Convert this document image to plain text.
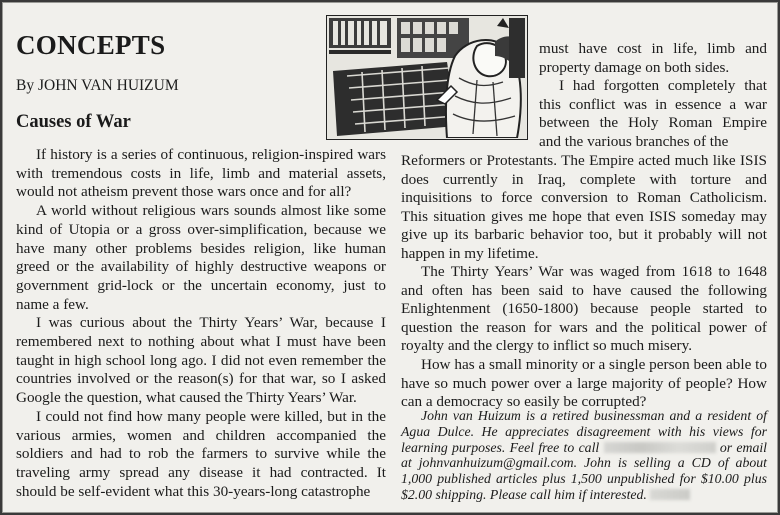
CONCEPTS
By JOHN VAN HUIZUM
Causes of War

If history is a series of continuous, religion-inspired wars with tremendous costs in life, limb and material assets, would not atheism prevent those wars once and for all?

A world without religious wars sounds almost like some kind of Utopia or a gross over-simplification, because we have many other problems besides religion, like human greed or the availability of highly destructive weapons or government grid-lock or the uncertain economy, just to name a few.

I was curious about the Thirty Years’ War, because I remembered next to nothing about what I must have been taught in high school long ago. I did not even remember the countries involved or the reason(s) for that war, so I asked Google the question, what caused the Thirty Years’ War.

I could not find how many people were killed, but in the various armies, women and children accompanied the soldiers and had to rob the farmers to survive while the traveling army spread any disease it had contracted. It should be self-evident what this 30-years-long catastrophe

must have cost in life, limb and property damage on both sides.

I had forgotten completely that this conflict was in essence a war between the Holy Roman Empire and the various branches of the

Reformers or Protestants. The Empire acted much like ISIS does currently in Iraq, complete with torture and inquisitions to force conversion to Roman Catholicism. This situation gives me hope that even ISIS someday may give up its barbaric behavior too, but it probably will not happen in my lifetime.

The Thirty Years’ War was waged from 1618 to 1648 and often has been said to have caused the following Enlightenment (1650-1800) because people started to question the reason for wars and the political power of royalty and the clergy to inflict so much misery.

How has a small minority or a single person been able to have so much power over a large majority of people? How can a democracy so easily be corrupted?

John van Huizum is a retired businessman and a resident of Agua Dulce. He appreciates disagreement with his views for learning purposes. Feel free to call	or email at johnvanhuizum@gmail.com. John is selling a CD of about 1,000 published articles plus 1,500 unpublished for $10.00 plus $2.00 shipping. Please call him if interested.
